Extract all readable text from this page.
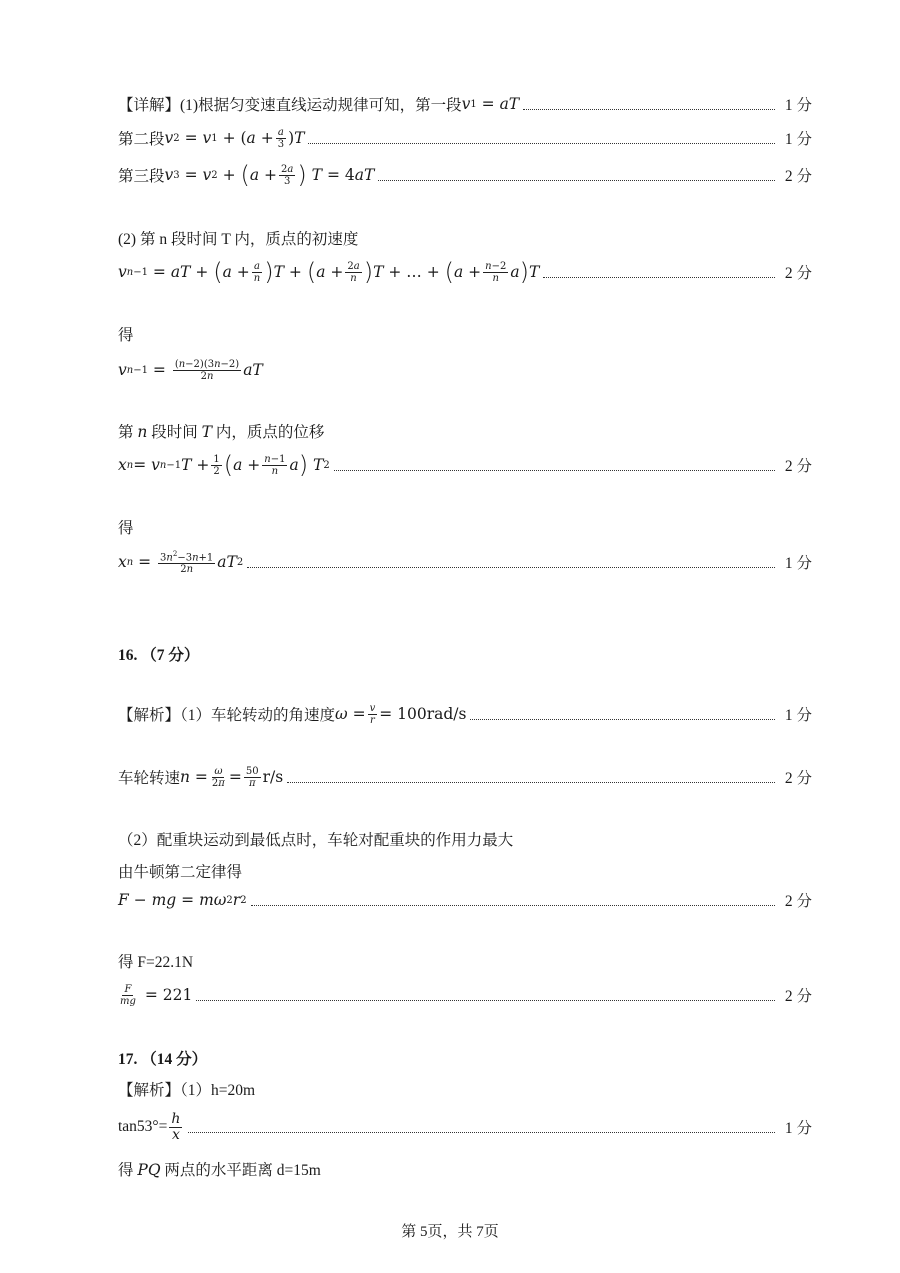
【详解】(1)根据匀变速直线运动规律可知，第一段 v 1 = aT	1 分
第二段 v 2 = v 1 + ( $a + \frac{a}{3}$ ) T	1 分
第三段 v 3 = v 2 + ( $a + \frac{2a}{3}$ ) T = 4 aT	2 分
(2) 第 n 段时间 T 内，质点的初速度
v n −1 = aT + ( $a + \frac{a}{n}$ ) T + ( $a + \frac{2a}{n}$ ) T + … + ( $a + \frac{n-2}{n}$ a ) T	2 分
得
v $n -1 = \frac{(n-2)(3n-2)}{2n}$ aT
第 n 段时间 T 内，质点的位移
x n = v n −1 $T + \frac{1}{2}$ ( $a + \frac{n-1}{n}$ a ) T 2	2 分
得
x $n = \frac{3n^2-3n+1}{2n}$ aT 2	1 分
16. （7 分）
【解析】（1）车轮转动的角速度 $\omega = \frac{v}{r} = 100rad/s$	1 分
车轮转速 $n = \frac{\omega}{2\pi} = \frac{50}{\pi} r/s$	2 分
（2）配重块运动到最低点时，车轮对配重块的作用力最大
由牛顿第二定律得
F − mg = mω 2 r 2	2 分
得 F=22.1N
$\frac{F}{mg} = 221$	2 分
17. （14 分）
【解析】（1）h=20m
$\tan 53^\circ= \frac{h}{x}$	1 分
得 PQ 两点的水平距离 d=15m
第 5页，共 7页
